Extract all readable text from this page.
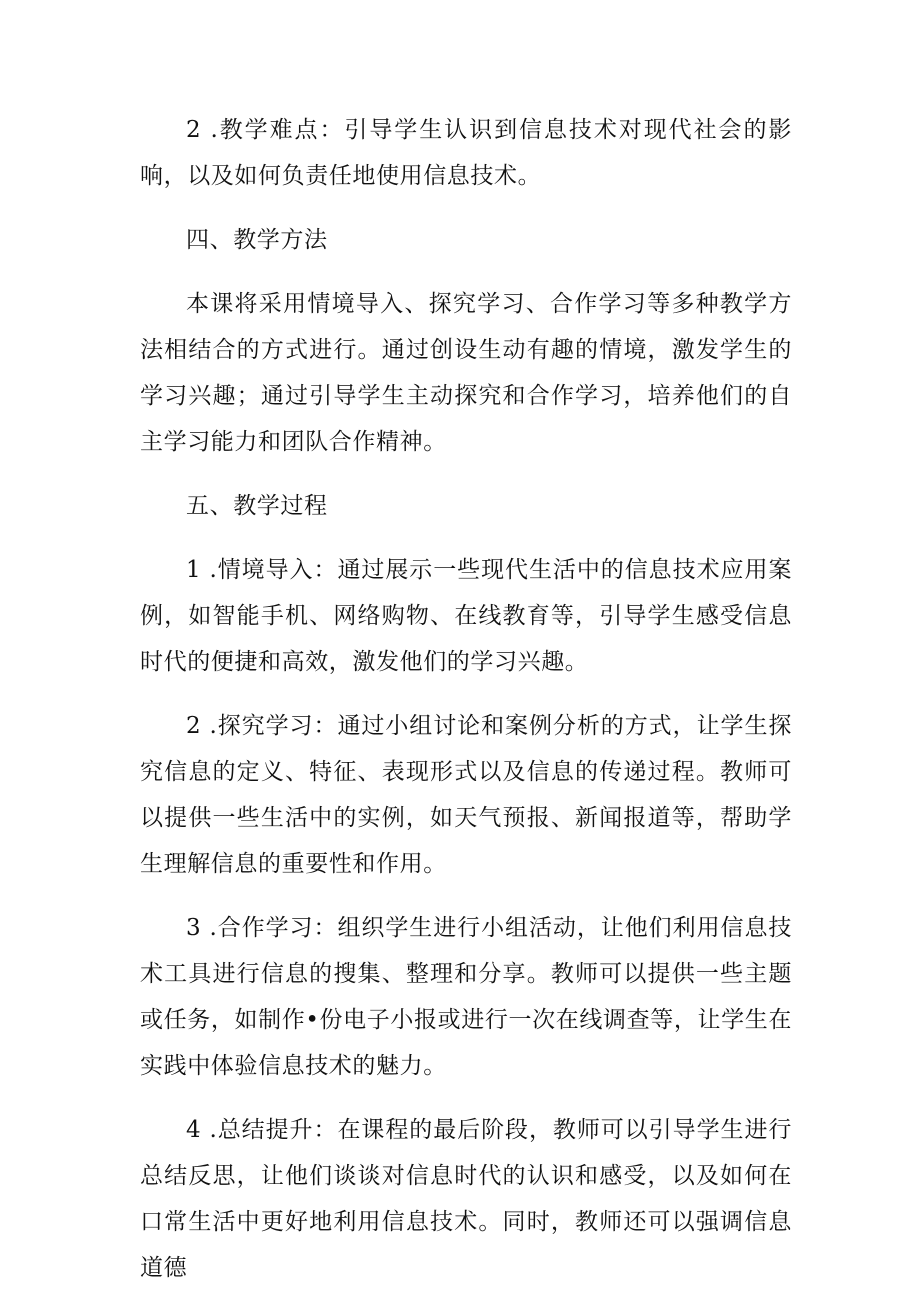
2 .教学难点：引导学生认识到信息技术对现代社会的影响，以及如何负责任地使用信息技术。

四、教学方法

本课将采用情境导入、探究学习、合作学习等多种教学方法相结合的方式进行。通过创设生动有趣的情境，激发学生的学习兴趣；通过引导学生主动探究和合作学习，培养他们的自主学习能力和团队合作精神。

五、教学过程

1 .情境导入：通过展示一些现代生活中的信息技术应用案例，如智能手机、网络购物、在线教育等，引导学生感受信息时代的便捷和高效，激发他们的学习兴趣。

2 .探究学习：通过小组讨论和案例分析的方式，让学生探究信息的定义、特征、表现形式以及信息的传递过程。教师可以提供一些生活中的实例，如天气预报、新闻报道等，帮助学生理解信息的重要性和作用。

3 .合作学习：组织学生进行小组活动，让他们利用信息技术工具进行信息的搜集、整理和分享。教师可以提供一些主题或任务，如制作•份电子小报或进行一次在线调查等，让学生在实践中体验信息技术的魅力。

4 .总结提升：在课程的最后阶段，教师可以引导学生进行总结反思，让他们谈谈对信息时代的认识和感受，以及如何在口常生活中更好地利用信息技术。同时，教师还可以强调信息道德
